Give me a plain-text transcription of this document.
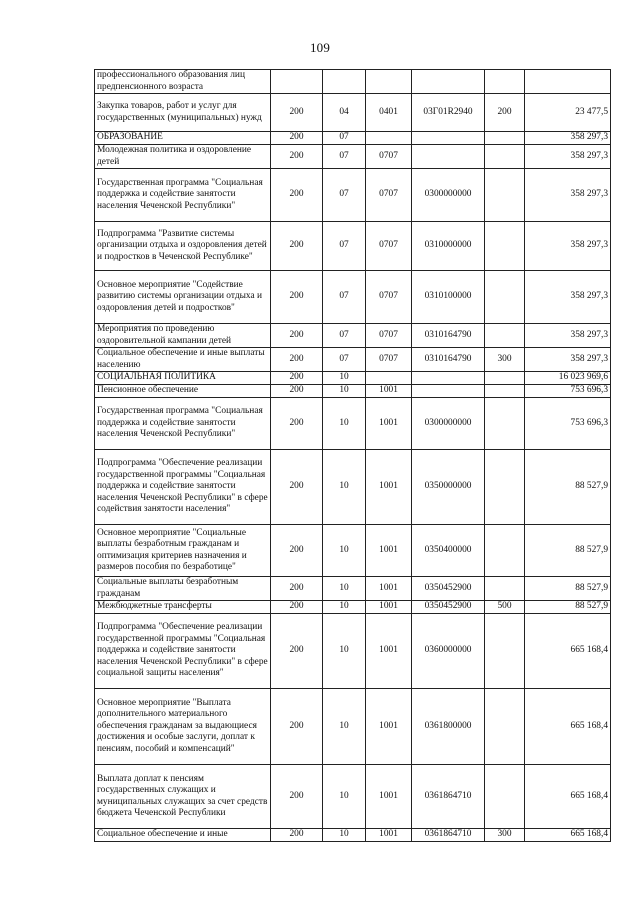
109
профессионального образования лиц предпенсионного возраста						
Закупка товаров, работ и услуг для государственных (муниципальных) нужд	200	04	0401	03Г01R2940	200	23 477,5
ОБРАЗОВАНИЕ	200	07				358 297,3
Молодежная политика и оздоровление детей	200	07	0707			358 297,3
Государственная программа "Социальная поддержка и содействие занятости населения Чеченской Республики"	200	07	0707	0300000000		358 297,3
Подпрограмма "Развитие системы организации отдыха и оздоровления детей и подростков в Чеченской Республике"	200	07	0707	0310000000		358 297,3
Основное мероприятие "Содействие развитию системы организации отдыха и оздоровления детей и подростков"	200	07	0707	0310100000		358 297,3
Мероприятия по проведению оздоровительной кампании детей	200	07	0707	0310164790		358 297,3
Социальное обеспечение и иные выплаты населению	200	07	0707	0310164790	300	358 297,3
СОЦИАЛЬНАЯ ПОЛИТИКА	200	10				16 023 969,6
Пенсионное обеспечение	200	10	1001			753 696,3
Государственная программа "Социальная поддержка и содействие занятости населения Чеченской Республики"	200	10	1001	0300000000		753 696,3
Подпрограмма "Обеспечение реализации государственной программы "Социальная поддержка и содействие занятости населения Чеченской Республики" в сфере содействия занятости населения"	200	10	1001	0350000000		88 527,9
Основное мероприятие "Социальные выплаты безработным гражданам и оптимизация критериев назначения и размеров пособия по безработице"	200	10	1001	0350400000		88 527,9
Социальные выплаты безработным гражданам	200	10	1001	0350452900		88 527,9
Межбюджетные трансферты	200	10	1001	0350452900	500	88 527,9
Подпрограмма "Обеспечение реализации государственной программы "Социальная поддержка и содействие занятости населения Чеченской Республики" в сфере социальной защиты населения"	200	10	1001	0360000000		665 168,4
Основное мероприятие "Выплата дополнительного материального обеспечения гражданам за выдающиеся достижения и особые заслуги, доплат к пенсиям, пособий и компенсаций"	200	10	1001	0361800000		665 168,4
Выплата доплат к пенсиям государственных служащих и муниципальных служащих за счет средств бюджета Чеченской Республики	200	10	1001	0361864710		665 168,4
Социальное обеспечение и иные	200	10	1001	0361864710	300	665 168,4
